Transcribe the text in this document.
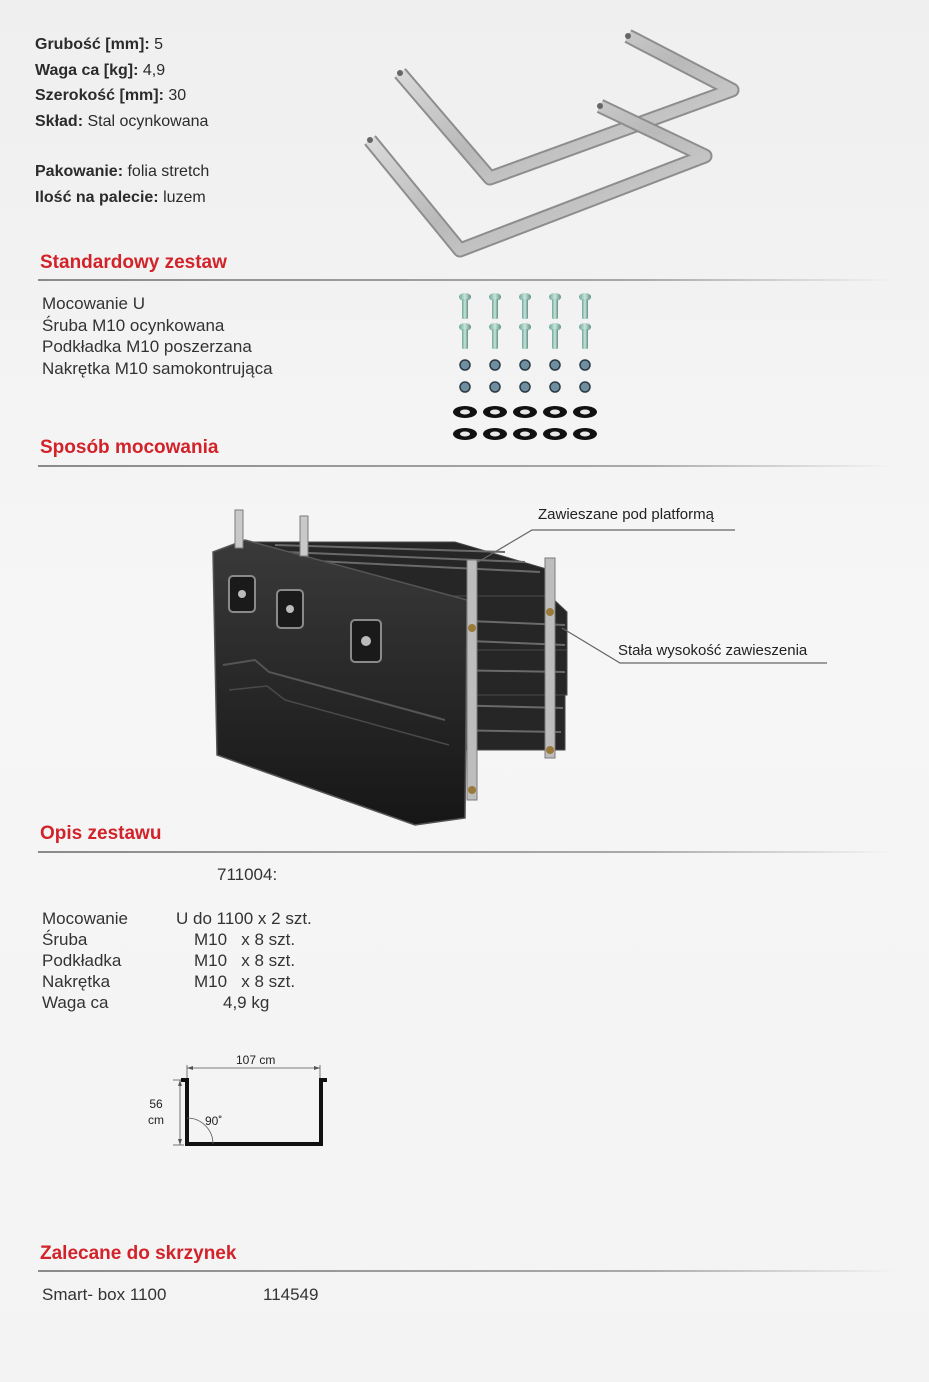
Grubość [mm]: 5
Waga ca [kg]: 4,9
Szerokość [mm]: 30
Skład: Stal ocynkowana
Pakowanie: folia stretch
Ilość na palecie: luzem
Standardowy zestaw
Mocowanie U
Śruba M10 ocynkowana
Podkładka M10 poszerzana
Nakrętka M10 samokontrująca
Sposób mocowania
Zawieszane pod platformą
Stała wysokość zawieszenia
Opis zestawu
711004:
Mocowanie	U do 1100 x 2 szt.
Śruba	M10   x 8 szt.
Podkładka	M10   x 8 szt.
Nakrętka	M10   x 8 szt.
Waga ca	4,9 kg
107 cm
56
cm	90˚
Zalecane do skrzynek
Smart- box 1100	114549
